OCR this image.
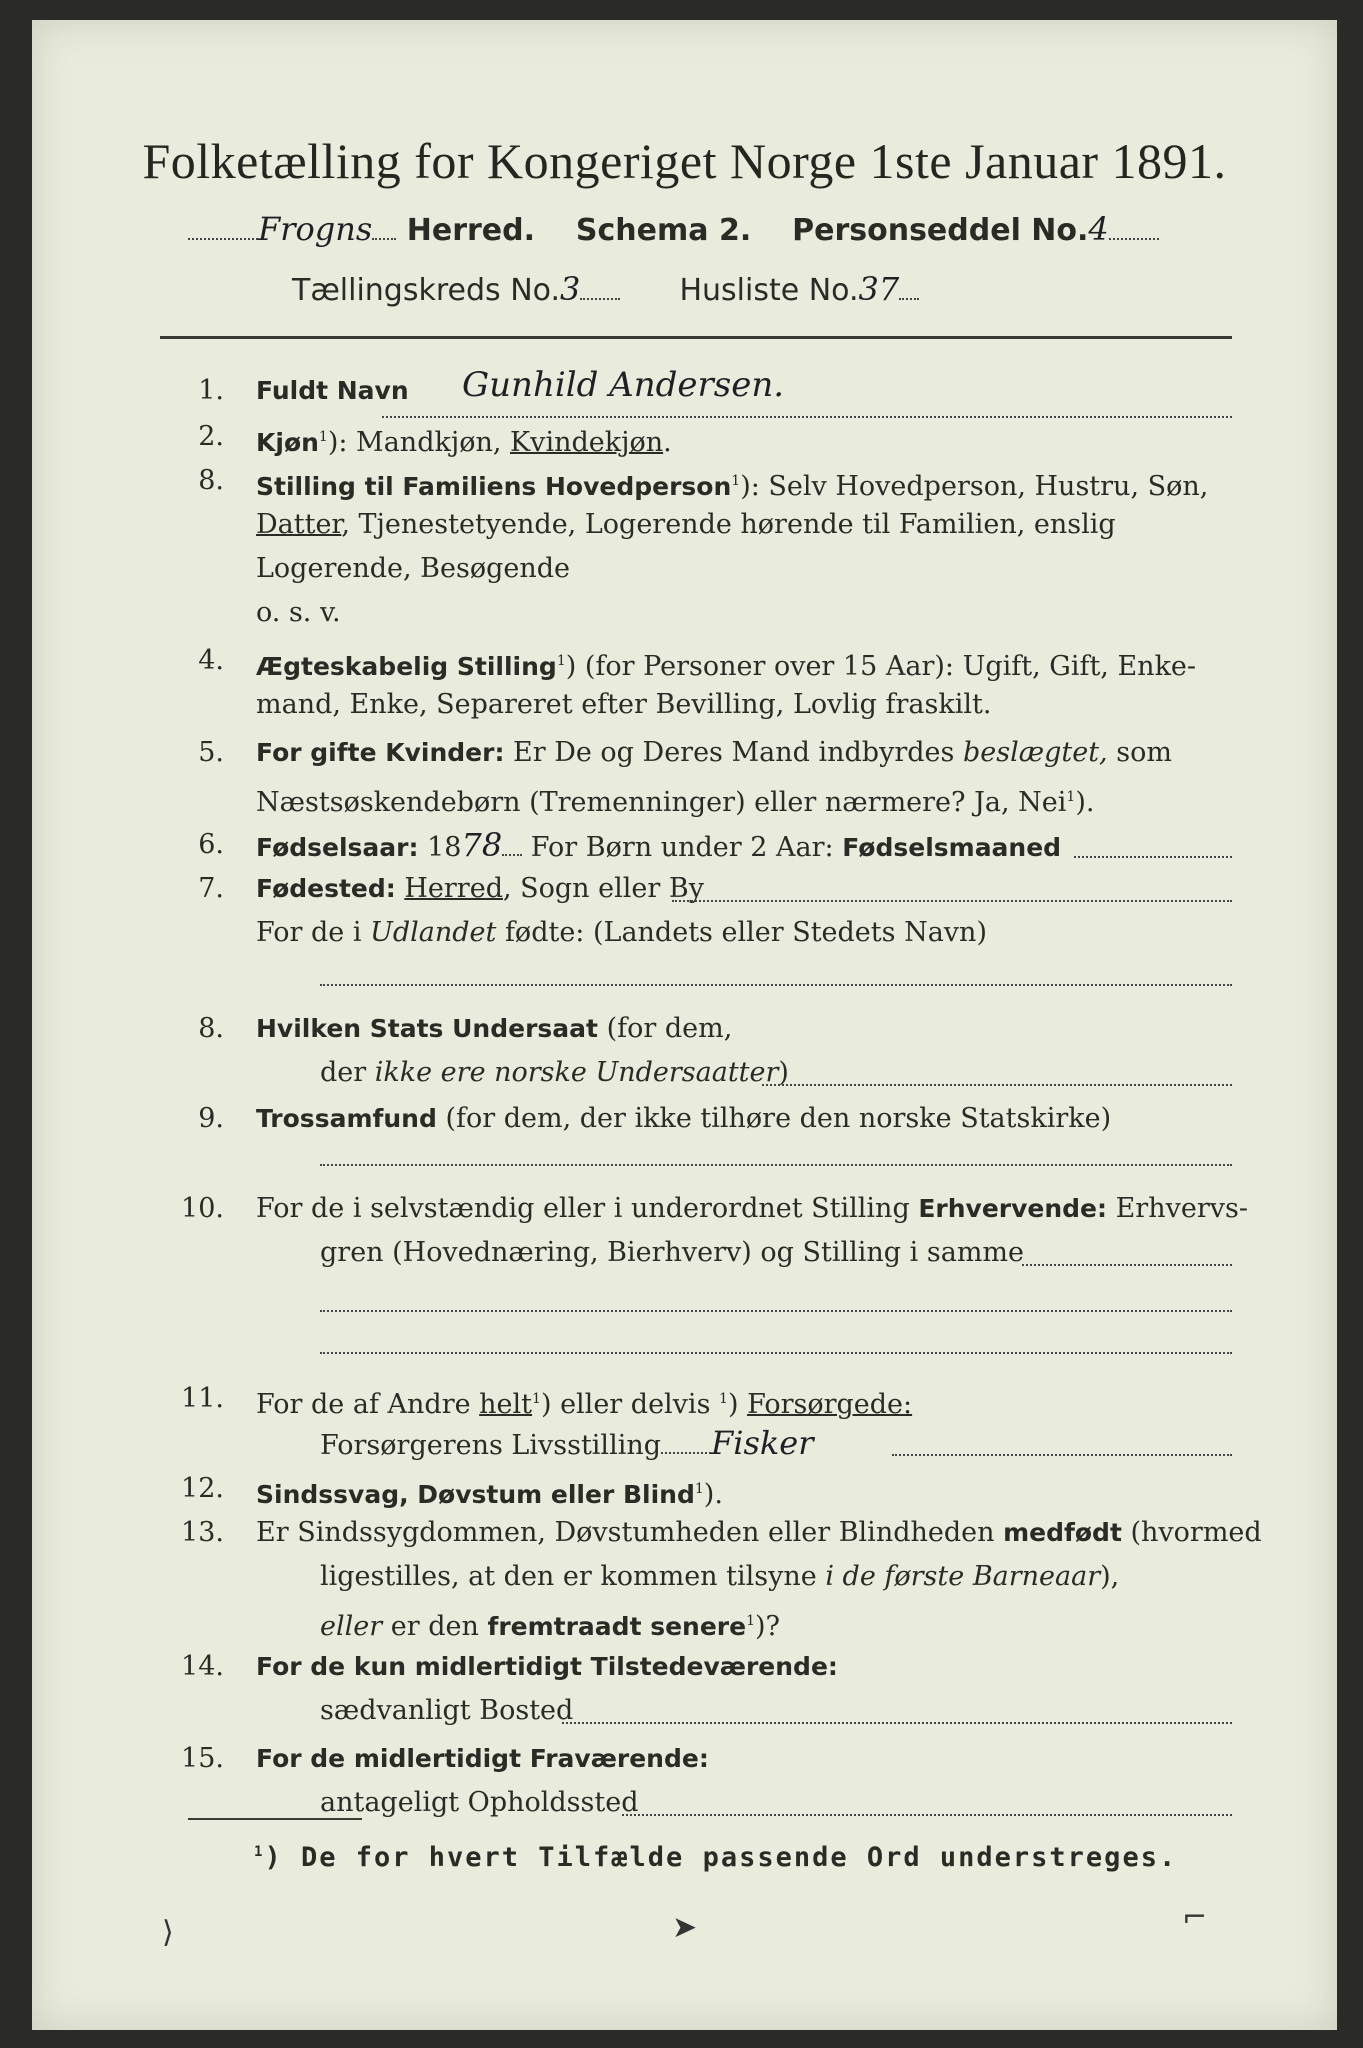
Folketælling for Kongeriget Norge 1ste Januar 1891.
Frogns Herred. Schema 2. Personseddel No.4
Tællingskreds No.3	Husliste No.37
1. Fuldt Navn Gunhild Andersen.
2. Kjøn$^1$): Mandkjøn, Kvindekjøn.
8. Stilling til Familiens Hovedperson$^1$): Selv Hovedperson, Hustru, Søn,
Datter, Tjenestetyende, Logerende hørende til Familien, enslig
Logerende, Besøgende
o. s. v.
4. Ægteskabelig Stilling$^1$) (for Personer over 15 Aar): Ugift, Gift, Enke-
mand, Enke, Separeret efter Bevilling, Lovlig fraskilt.
5. For gifte Kvinder: Er De og Deres Mand indbyrdes beslægtet, som
Næstsøskendebørn (Tremenninger) eller nærmere? Ja, Nei$^1$).
6. Fødselsaar: 1878 For Børn under 2 Aar: Fødselsmaaned
7. Fødested: Herred, Sogn eller By
For de i Udlandet fødte: (Landets eller Stedets Navn)
8. Hvilken Stats Undersaat (for dem,
der ikke ere norske Undersaatter)
9. Trossamfund (for dem, der ikke tilhøre den norske Statskirke)
10. For de i selvstændig eller i underordnet Stilling Erhvervende: Erhvervs-
gren (Hovednæring, Bierhverv) og Stilling i samme
11. For de af Andre helt$^1$) eller delvis $^1$) Forsørgede:
Forsørgerens Livsstilling Fisker
12. Sindssvag, Døvstum eller Blind$^1$).
13. Er Sindssygdommen, Døvstumheden eller Blindheden medfødt (hvormed
ligestilles, at den er kommen tilsyne i de første Barneaar),
eller er den fremtraadt senere$^1$)?
14. For de kun midlertidigt Tilstedeværende:
sædvanligt Bosted
15. For de midlertidigt Fraværende:
antageligt Opholdssted
$^1$) De for hvert Tilfælde passende Ord understreges.
⟩	➤	⌐
